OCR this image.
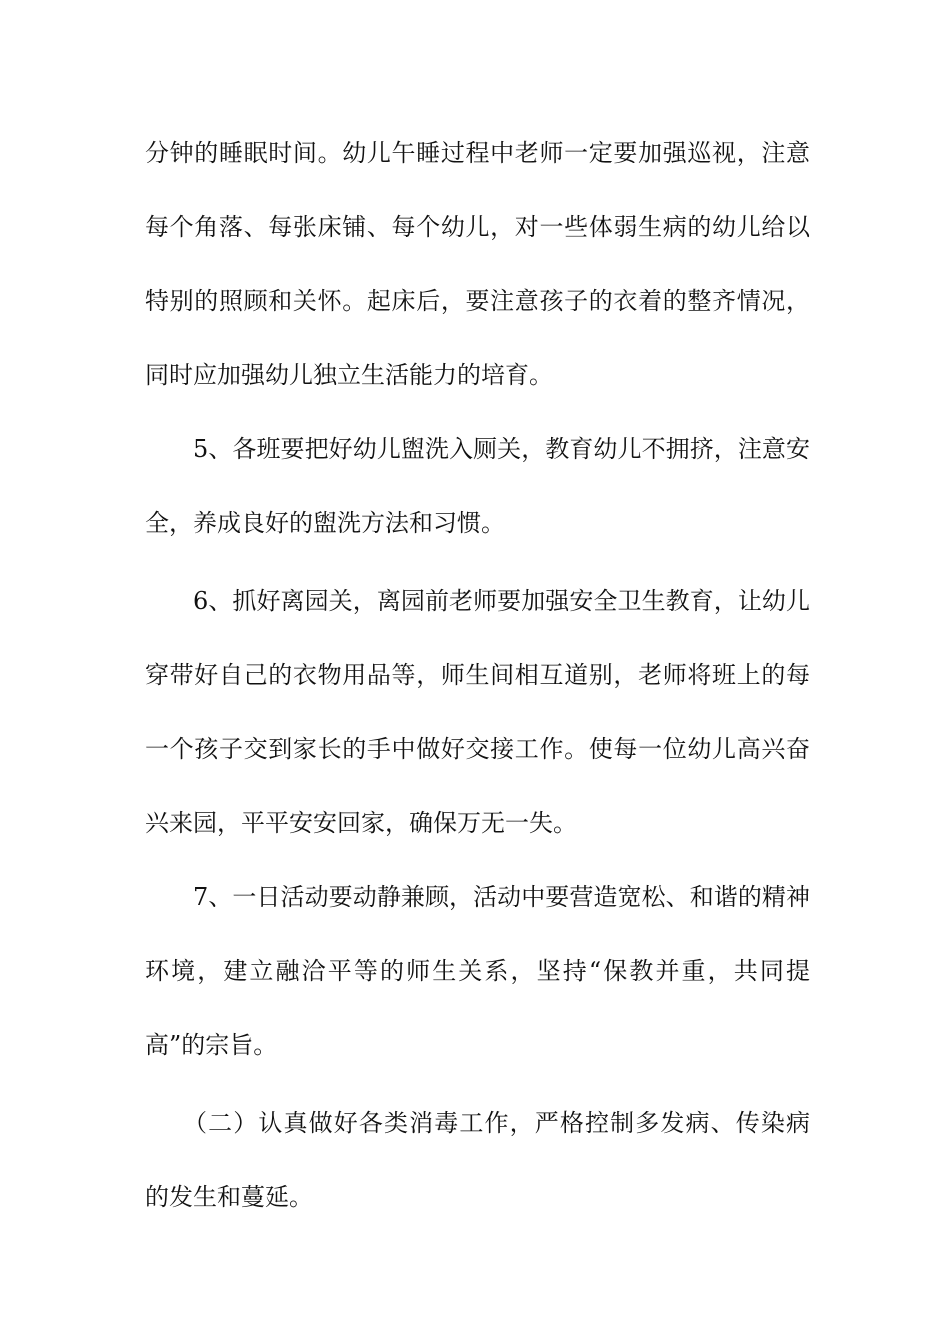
分钟的睡眠时间。幼儿午睡过程中老师一定要加强巡视，注意
每个角落、每张床铺、每个幼儿，对一些体弱生病的幼儿给以
特别的照顾和关怀。起床后，要注意孩子的衣着的整齐情况，
同时应加强幼儿独立生活能力的培育。
5、各班要把好幼儿盥洗入厕关，教育幼儿不拥挤，注意安
全，养成良好的盥洗方法和习惯。
6、抓好离园关，离园前老师要加强安全卫生教育，让幼儿
穿带好自己的衣物用品等，师生间相互道别，老师将班上的每
一个孩子交到家长的手中做好交接工作。使每一位幼儿高兴奋
兴来园，平平安安回家，确保万无一失。
7、一日活动要动静兼顾，活动中要营造宽松、和谐的精神
环境，建立融洽平等的师生关系，坚持“保教并重，共同提
高”的宗旨。
（二）认真做好各类消毒工作，严格控制多发病、传染病
的发生和蔓延。
